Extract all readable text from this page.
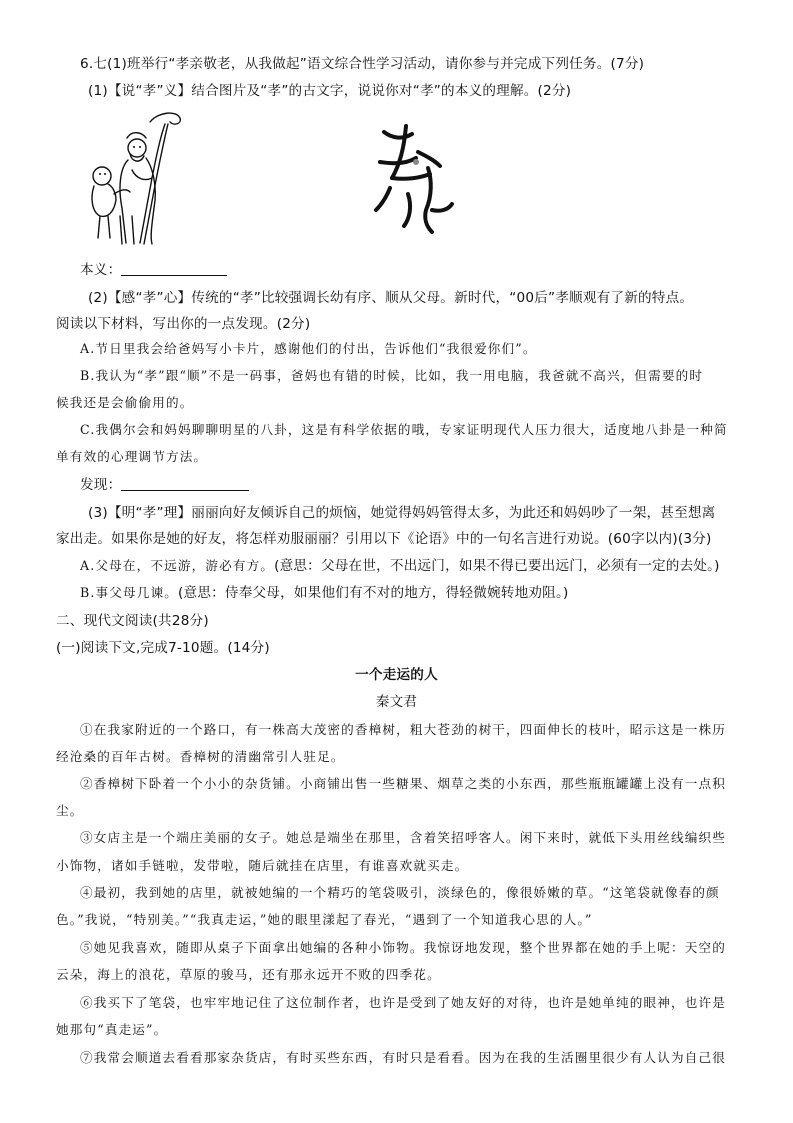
6.七(1)班举行“孝亲敬老，从我做起”语文综合性学习活动，请你参与并完成下列任务。(7分)
(1)【说“孝”义】结合图片及“孝”的古文字，说说你对“孝”的本义的理解。(2分)
本义：
(2)【感“孝”心】传统的“孝”比较强调长幼有序、顺从父母。新时代，“00后”孝顺观有了新的特点。
阅读以下材料，写出你的一点发现。(2分)
A.节日里我会给爸妈写小卡片，感谢他们的付出，告诉他们“我很爱你们”。
B.我认为“孝”跟“顺”不是一码事，爸妈也有错的时候，比如，我一用电脑，我爸就不高兴，但需要的时
候我还是会偷偷用的。
C.我偶尔会和妈妈聊聊明星的八卦，这是有科学依据的哦，专家证明现代人压力很大，适度地八卦是一种简
单有效的心理调节方法。
发现：
(3)【明“孝”理】丽丽向好友倾诉自己的烦恼，她觉得妈妈管得太多，为此还和妈妈吵了一架，甚至想离
家出走。如果你是她的好友，将怎样劝服丽丽？引用以下《论语》中的一句名言进行劝说。(60字以内)(3分)
A.父母在，不远游，游必有方。(意思：父母在世，不出远门，如果不得已要出远门，必须有一定的去处。)
B.事父母几谏。(意思：侍奉父母，如果他们有不对的地方，得轻微婉转地劝阻。)
二、现代文阅读(共28分)
(一)阅读下文,完成7-10题。(14分)
一个走运的人
秦文君
①在我家附近的一个路口，有一株高大茂密的香樟树，粗大苍劲的树干，四面伸长的枝叶，昭示这是一株历
经沧桑的百年古树。香樟树的清幽常引人驻足。
②香樟树下卧着一个小小的杂货铺。小商铺出售一些糖果、烟草之类的小东西，那些瓶瓶罐罐上没有一点积
尘。
③女店主是一个端庄美丽的女子。她总是端坐在那里，含着笑招呼客人。闲下来时，就低下头用丝线编织些
小饰物，诸如手链啦，发带啦，随后就挂在店里，有谁喜欢就买走。
④最初，我到她的店里，就被她编的一个精巧的笔袋吸引，淡绿色的，像很娇嫩的草。“这笔袋就像春的颜
色。”我说，“特别美。”“我真走运，”她的眼里漾起了春光，“遇到了一个知道我心思的人。”
⑤她见我喜欢，随即从桌子下面拿出她编的各种小饰物。我惊讶地发现，整个世界都在她的手上呢：天空的
云朵，海上的浪花，草原的骏马，还有那永远开不败的四季花。
⑥我买下了笔袋，也牢牢地记住了这位制作者，也许是受到了她友好的对待，也许是她单纯的眼神，也许是
她那句“真走运”。
⑦我常会顺道去看看那家杂货店，有时买些东西，有时只是看看。因为在我的生活圈里很少有人认为自己很
